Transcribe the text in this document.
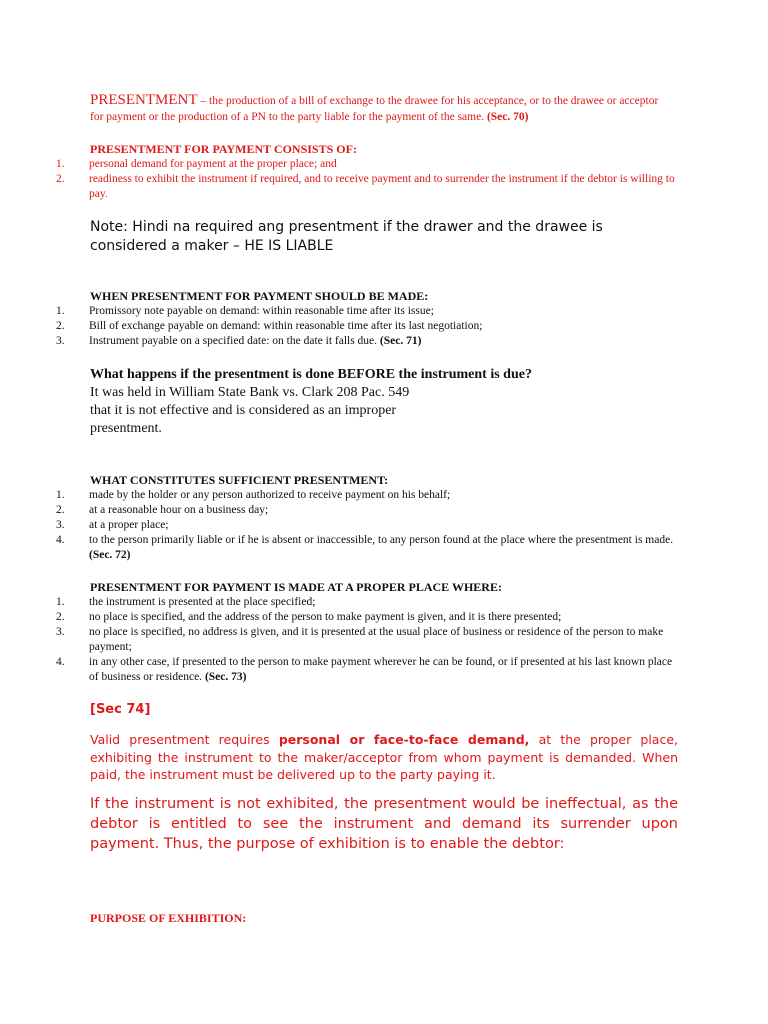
PRESENTMENT – the production of a bill of exchange to the drawee for his acceptance, or to the drawee or acceptor for payment or the production of a PN to the party liable for the payment of the same. (Sec. 70)
PRESENTMENT FOR PAYMENT CONSISTS OF:
1. personal demand for payment at the proper place; and
2. readiness to exhibit the instrument if required, and to receive payment and to surrender the instrument if the debtor is willing to pay.
Note: Hindi na required ang presentment if the drawer and the drawee is considered a maker – HE IS LIABLE
WHEN PRESENTMENT FOR PAYMENT SHOULD BE MADE:
1. Promissory note payable on demand: within reasonable time after its issue;
2. Bill of exchange payable on demand: within reasonable time after its last negotiation;
3. Instrument payable on a specified date: on the date it falls due. (Sec. 71)
What happens if the presentment is done BEFORE the instrument is due?
It was held in William State Bank vs. Clark 208 Pac. 549
that it is not effective and is considered as an improper
presentment.
WHAT CONSTITUTES SUFFICIENT PRESENTMENT:
1. made by the holder or any person authorized to receive payment on his behalf;
2. at a reasonable hour on a business day;
3. at a proper place;
4. to the person primarily liable or if he is absent or inaccessible, to any person found at the place where the presentment is made. (Sec. 72)
PRESENTMENT FOR PAYMENT IS MADE AT A PROPER PLACE WHERE:
1. the instrument is presented at the place specified;
2. no place is specified, and the address of the person to make payment is given, and it is there presented;
3. no place is specified, no address is given, and it is presented at the usual place of business or residence of the person to make payment;
4. in any other case, if presented to the person to make payment wherever he can be found, or if presented at his last known place of business or residence. (Sec. 73)
[Sec 74]
Valid presentment requires personal or face-to-face demand, at the proper place, exhibiting the instrument to the maker/acceptor from whom payment is demanded. When paid, the instrument must be delivered up to the party paying it.
If the instrument is not exhibited, the presentment would be ineffectual, as the debtor is entitled to see the instrument and demand its surrender upon payment. Thus, the purpose of exhibition is to enable the debtor:
PURPOSE OF EXHIBITION:
